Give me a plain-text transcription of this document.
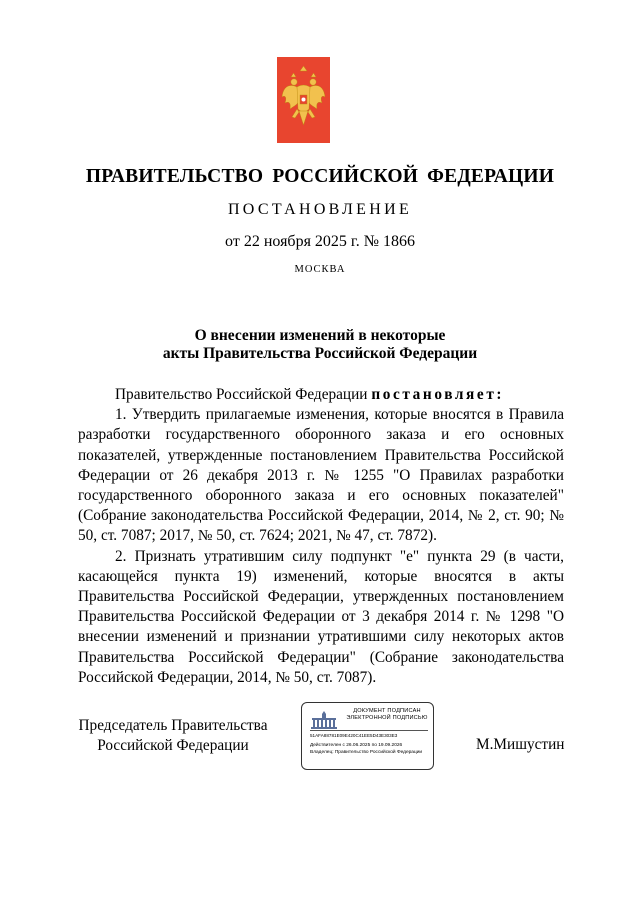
ПРАВИТЕЛЬСТВО РОССИЙСКОЙ ФЕДЕРАЦИИ
ПОСТАНОВЛЕНИЕ
от 22 ноября 2025 г. № 1866
МОСКВА
О внесении изменений в некоторые
акты Правительства Российской Федерации

Правительство Российской Федерации постановляет:

1. Утвердить прилагаемые изменения, которые вносятся в Правила разработки государственного оборонного заказа и его основных показателей, утвержденные постановлением Правительства Российской Федерации от 26 декабря 2013 г. № 1255 "О Правилах разработки государственного оборонного заказа и его основных показателей" (Собрание законодательства Российской Федерации, 2014, № 2, ст. 90; № 50, ст. 7087; 2017, № 50, ст. 7624; 2021, № 47, ст. 7872).

2. Признать утратившим силу подпункт "е" пункта 29 (в части, касающейся пункта 19) изменений, которые вносятся в акты Правительства Российской Федерации, утвержденных постановлением Правительства Российской Федерации от 3 декабря 2014 г. № 1298 "О внесении изменений и признании утратившими силу некоторых актов Правительства Российской Федерации" (Собрание законодательства Российской Федерации, 2014, № 50, ст. 7087).

Председатель Правительства
Российской Федерации
ДОКУМЕНТ ПОДПИСАН
ЭЛЕКТРОННОЙ ПОДПИСЬЮ
51AFA88781E09E420C41EE5D43E303E3
Действителен с 26.06.2025 по 19.09.2026
Владелец: Правительство Российской Федерации	М.Мишустин
